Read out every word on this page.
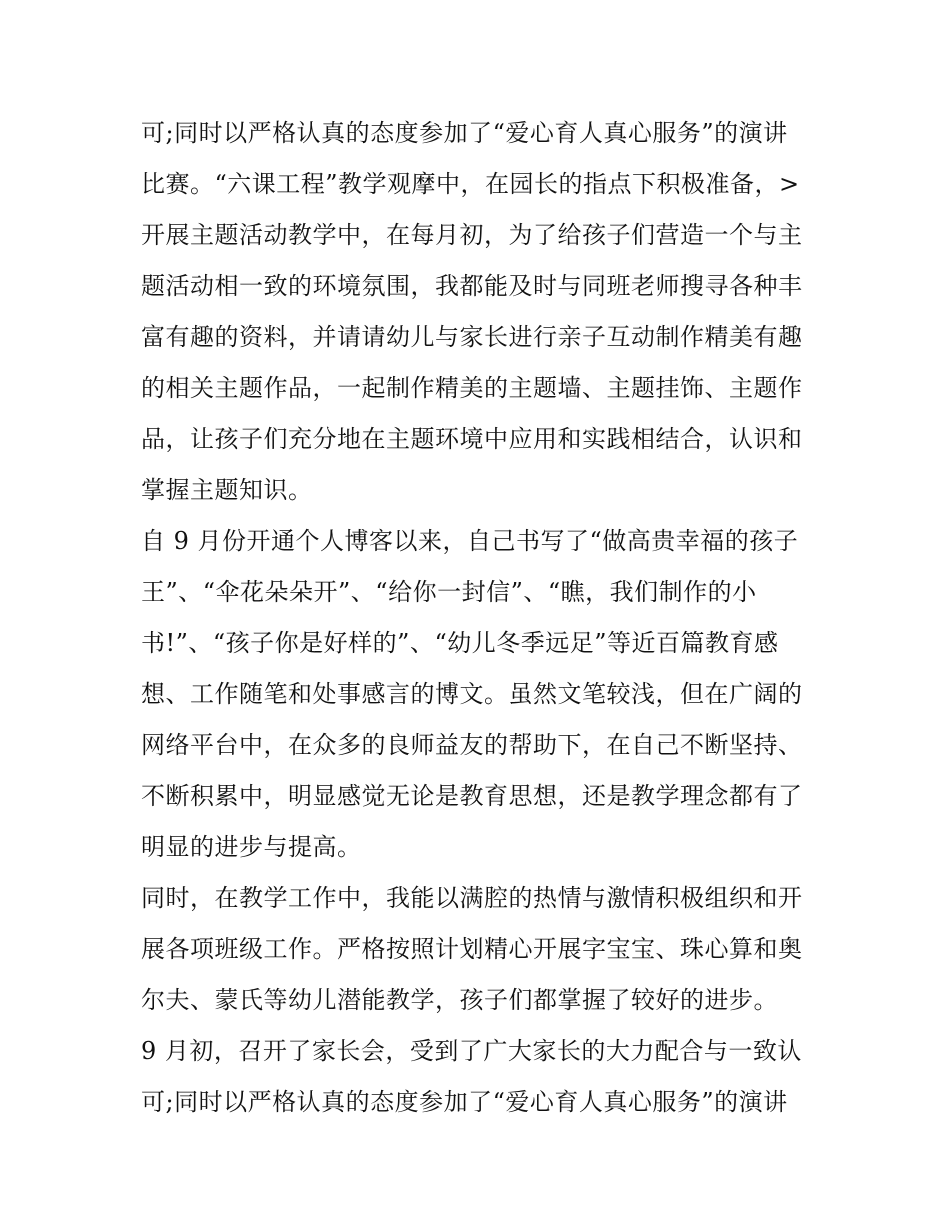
可;同时以严格认真的态度参加了“爱心育人真心服务”的演讲
比赛。“六课工程”教学观摩中，在园长的指点下积极准备，>
开展主题活动教学中，在每月初，为了给孩子们营造一个与主
题活动相一致的环境氛围，我都能及时与同班老师搜寻各种丰
富有趣的资料，并请请幼儿与家长进行亲子互动制作精美有趣
的相关主题作品，一起制作精美的主题墙、主题挂饰、主题作
品，让孩子们充分地在主题环境中应用和实践相结合，认识和
掌握主题知识。
自 9 月份开通个人博客以来，自己书写了“做高贵幸福的孩子
王”、“伞花朵朵开”、“给你一封信”、“瞧，我们制作的小
书!”、“孩子你是好样的”、“幼儿冬季远足”等近百篇教育感
想、工作随笔和处事感言的博文。虽然文笔较浅，但在广阔的
网络平台中，在众多的良师益友的帮助下，在自己不断坚持、
不断积累中，明显感觉无论是教育思想，还是教学理念都有了
明显的进步与提高。
同时，在教学工作中，我能以满腔的热情与激情积极组织和开
展各项班级工作。严格按照计划精心开展字宝宝、珠心算和奥
尔夫、蒙氏等幼儿潜能教学，孩子们都掌握了较好的进步。
9 月初，召开了家长会，受到了广大家长的大力配合与一致认
可;同时以严格认真的态度参加了“爱心育人真心服务”的演讲
